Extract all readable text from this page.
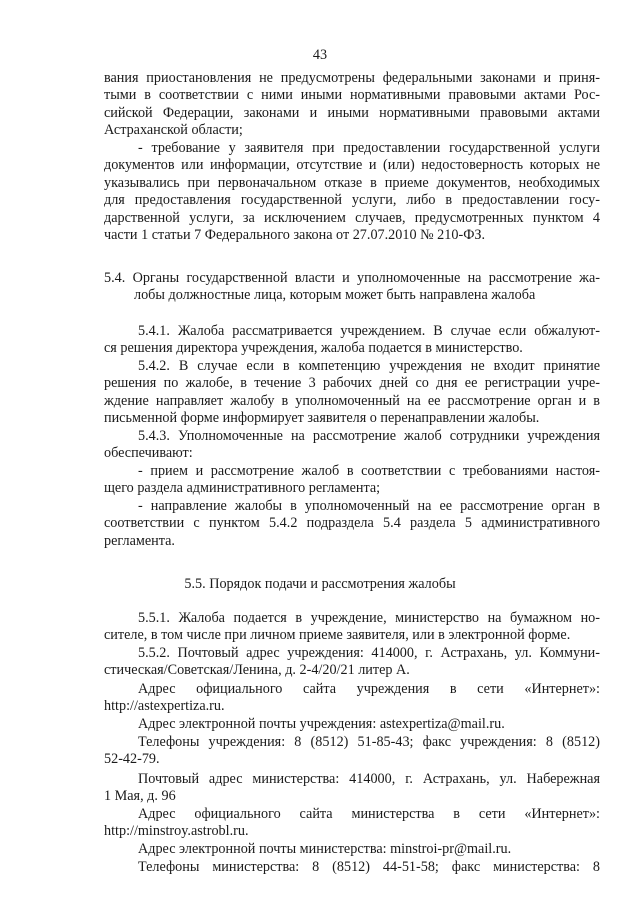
43
вания приостановления не предусмотрены федеральными законами и приня-
тыми в соответствии с ними иными нормативными правовыми актами Рос-
сийской Федерации, законами и иными нормативными правовыми актами
Астраханской области;
- требование у заявителя при предоставлении государственной услуги
документов или информации, отсутствие и (или) недостоверность которых не
указывались при первоначальном отказе в приеме документов, необходимых
для предоставления государственной услуги, либо в предоставлении госу-
дарственной услуги, за исключением случаев, предусмотренных пунктом 4
части 1 статьи 7 Федерального закона от 27.07.2010 № 210-ФЗ.
5.4. Органы государственной власти и уполномоченные на рассмотрение жа-
лобы должностные лица, которым может быть направлена жалоба
5.4.1. Жалоба рассматривается учреждением. В случае если обжалуют-
ся решения директора учреждения, жалоба подается в министерство.
5.4.2. В случае если в компетенцию учреждения не входит принятие
решения по жалобе, в течение 3 рабочих дней со дня ее регистрации учре-
ждение направляет жалобу в уполномоченный на ее рассмотрение орган и в
письменной форме информирует заявителя о перенаправлении жалобы.
5.4.3. Уполномоченные на рассмотрение жалоб сотрудники учреждения
обеспечивают:
- прием и рассмотрение жалоб в соответствии с требованиями настоя-
щего раздела административного регламента;
- направление жалобы в уполномоченный на ее рассмотрение орган в
соответствии с пунктом 5.4.2 подраздела 5.4 раздела 5 административного
регламента.
5.5. Порядок подачи и рассмотрения жалобы
5.5.1. Жалоба подается в учреждение, министерство на бумажном но-
сителе, в том числе при личном приеме заявителя, или в электронной форме.
5.5.2. Почтовый адрес учреждения: 414000, г. Астрахань, ул. Коммуни-
стическая/Советская/Ленина, д. 2-4/20/21 литер А.
Адрес официального сайта учреждения в сети «Интернет»:
http://astexpertiza.ru.
Адрес электронной почты учреждения: astexpertiza@mail.ru.
Телефоны учреждения: 8 (8512) 51-85-43; факс учреждения: 8 (8512)
52-42-79.
Почтовый адрес министерства: 414000, г. Астрахань, ул. Набережная
1 Мая, д. 96
Адрес официального сайта министерства в сети «Интернет»:
http://minstroy.astrobl.ru.
Адрес электронной почты министерства: minstroi-pr@mail.ru.
Телефоны министерства: 8 (8512) 44-51-58; факс министерства: 8
